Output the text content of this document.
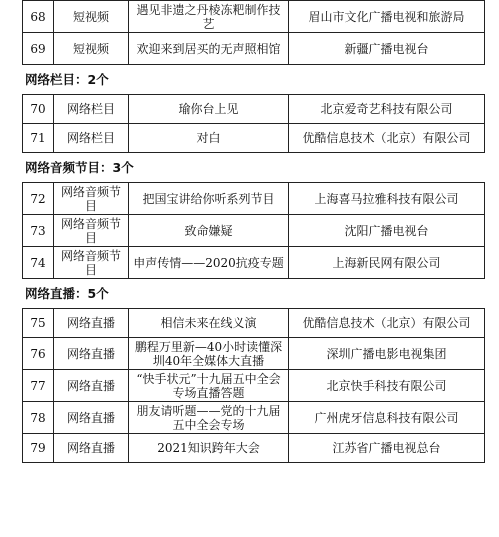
68	短视频	遇见非遗之丹棱冻粑制作技艺	眉山市文化广播电视和旅游局
69	短视频	欢迎来到居买的无声照相馆	新疆广播电视台
网络栏目：2个
70	网络栏目	瑜你台上见	北京爱奇艺科技有限公司
71	网络栏目	对白	优酷信息技术（北京）有限公司
网络音频节目：3个
72	网络音频节目	把国宝讲给你听系列节目	上海喜马拉雅科技有限公司
73	网络音频节目	致命嫌疑	沈阳广播电视台
74	网络音频节目	申声传情——2020抗疫专题	上海新民网有限公司
网络直播：5个
75	网络直播	相信未来在线义演	优酷信息技术（北京）有限公司
76	网络直播	鹏程万里新—40小时读懂深圳40年全媒体大直播	深圳广播电影电视集团
77	网络直播	“快手状元”十九届五中全会专场直播答题	北京快手科技有限公司
78	网络直播	朋友请听题——党的十九届五中全会专场	广州虎牙信息科技有限公司
79	网络直播	2021知识跨年大会	江苏省广播电视总台
